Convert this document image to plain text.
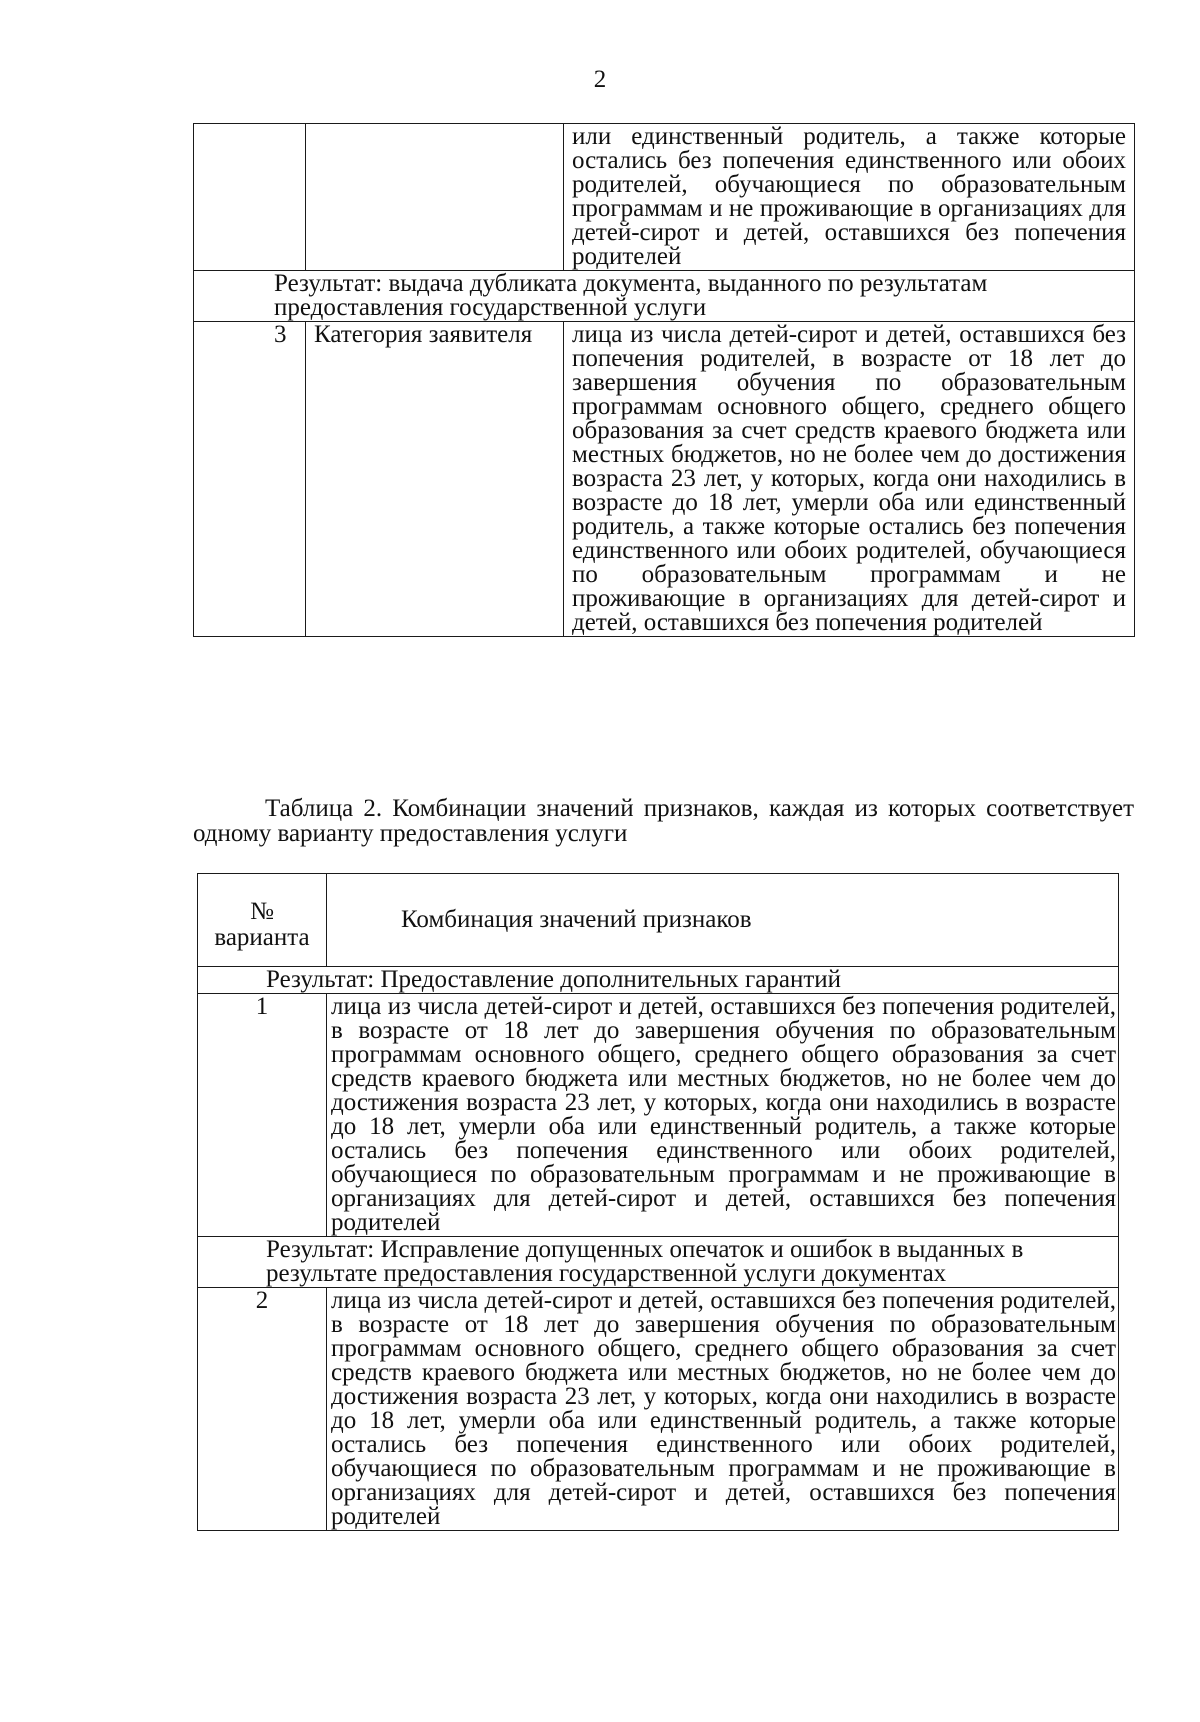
2
		или единственный родитель, а также которые остались без попечения единственного или обоих родителей, обучающиеся по образовательным программам и не проживающие в организациях для детей-сирот и детей, оставшихся без попечения родителей
Результат: выдача дубликата документа, выданного по результатам предоставления государственной услуги		
3	Категория заявителя	лица из числа детей-сирот и детей, оставшихся без попечения родителей, в возрасте от 18 лет до завершения обучения по образовательным программам основного общего, среднего общего образования за счет средств краевого бюджета или местных бюджетов, но не более чем до достижения возраста 23 лет, у которых, когда они находились в возрасте до 18 лет, умерли оба или единственный родитель, а также которые остались без попечения единственного или обоих родителей, обучающиеся по образовательным программам и не проживающие в организациях для детей-сирот и детей, оставшихся без попечения родителей

Таблица 2. Комбинации значений признаков, каждая из которых соответствует одному варианту предоставления услуги

№
варианта	Комбинация значений признаков
Результат: Предоставление дополнительных гарантий	
1	лица из числа детей-сирот и детей, оставшихся без попечения родителей, в возрасте от 18 лет до завершения обучения по образовательным программам основного общего, среднего общего образования за счет средств краевого бюджета или местных бюджетов, но не более чем до достижения возраста 23 лет, у которых, когда они находились в возрасте до 18 лет, умерли оба или единственный родитель, а также которые остались без попечения единственного или обоих родителей, обучающиеся по образовательным программам и не проживающие в организациях для детей-сирот и детей, оставшихся без попечения родителей
Результат: Исправление допущенных опечаток и ошибок в выданных в результате предоставления государственной услуги документах	
2	лица из числа детей-сирот и детей, оставшихся без попечения родителей, в возрасте от 18 лет до завершения обучения по образовательным программам основного общего, среднего общего образования за счет средств краевого бюджета или местных бюджетов, но не более чем до достижения возраста 23 лет, у которых, когда они находились в возрасте до 18 лет, умерли оба или единственный родитель, а также которые остались без попечения единственного или обоих родителей, обучающиеся по образовательным программам и не проживающие в организациях для детей-сирот и детей, оставшихся без попечения родителей
